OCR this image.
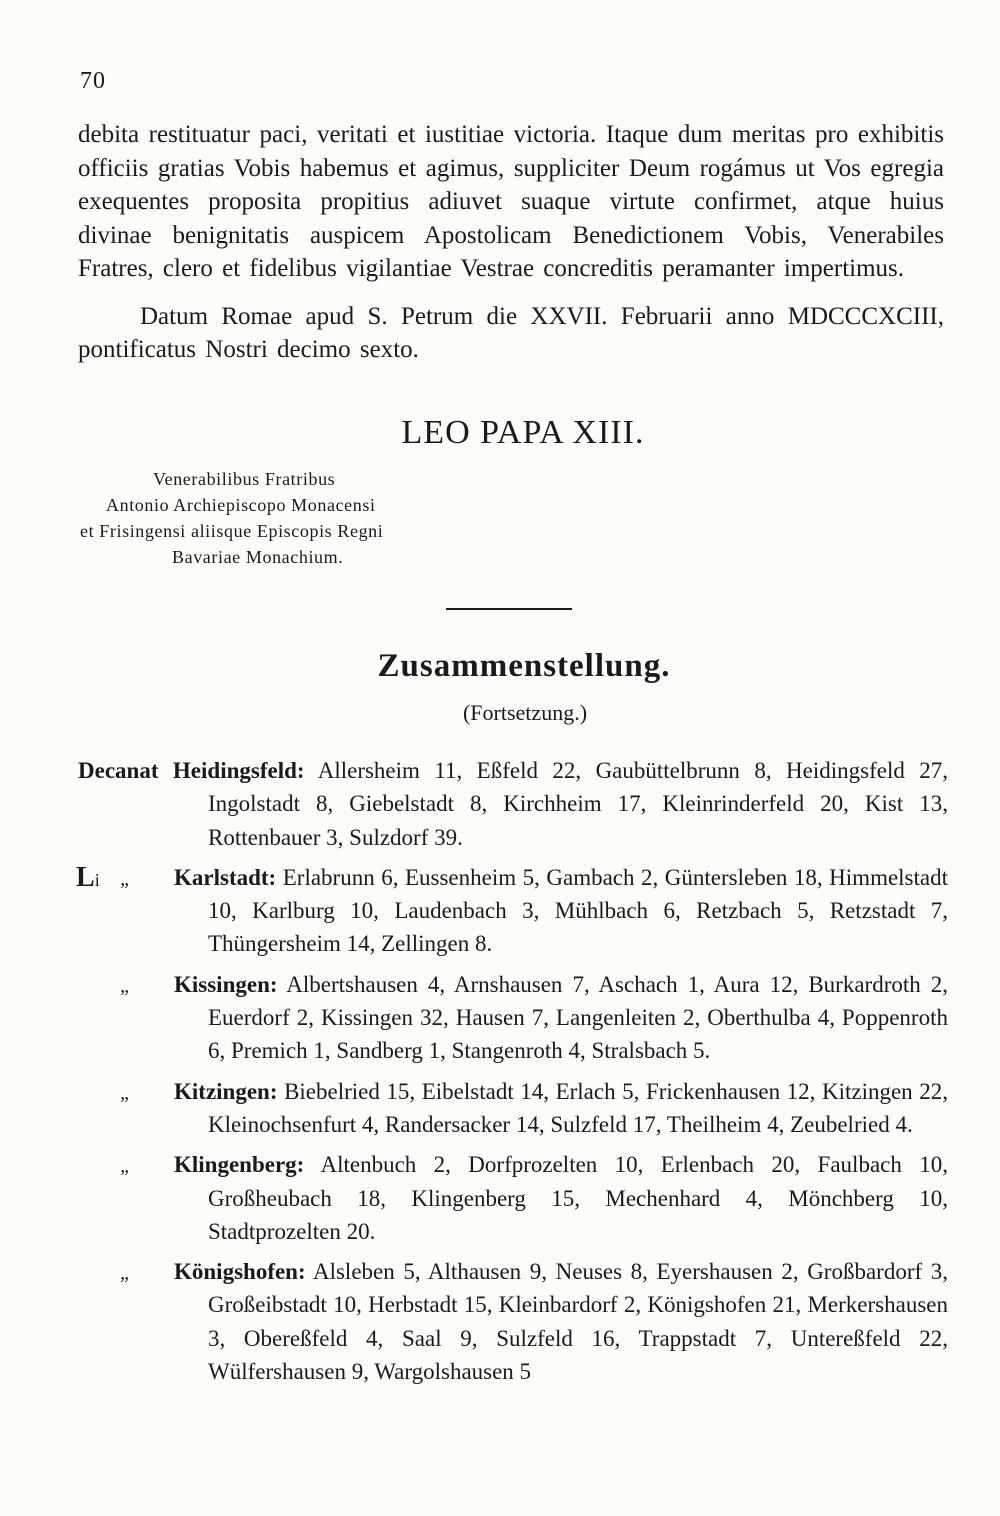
70

debita restituatur paci, veritati et iustitiae victoria. Itaque dum meritas pro exhibitis officiis gratias Vobis habemus et agimus, suppliciter Deum rogámus ut Vos egregia exequentes proposita propitius adiuvet suaque virtute confirmet, atque huius divinae benignitatis auspicem Apostolicam Benedictionem Vobis, Venerabiles Fratres, clero et fidelibus vigilantiae Vestrae concreditis peramanter impertimus.

Datum Romae apud S. Petrum die XXVII. Februarii anno MDCCCXCIII, pontificatus Nostri decimo sexto.

LEO PAPA XIII.
Venerabilibus Fratribus
Antonio Archiepiscopo Monacensi
et Frisingensi aliisque Episcopis Regni
Bavariae Monachium.
Zusammenstellung.
(Fortsetzung.)
Decanat Heidingsfeld: Allersheim 11, Eßfeld 22, Gaubüttelbrunn 8, Heidingsfeld 27, Ingolstadt 8, Giebelstadt 8, Kirchheim 17, Kleinrinderfeld 20, Kist 13, Rottenbauer 3, Sulzdorf 39.
Li „ Karlstadt: Erlabrunn 6, Eussenheim 5, Gambach 2, Güntersleben 18, Himmelstadt 10, Karlburg 10, Laudenbach 3, Mühlbach 6, Retzbach 5, Retzstadt 7, Thüngersheim 14, Zellingen 8.
„ Kissingen: Albertshausen 4, Arnshausen 7, Aschach 1, Aura 12, Burkardroth 2, Euerdorf 2, Kissingen 32, Hausen 7, Langenleiten 2, Oberthulba 4, Poppenroth 6, Premich 1, Sandberg 1, Stangenroth 4, Stralsbach 5.
„ Kitzingen: Biebelried 15, Eibelstadt 14, Erlach 5, Frickenhausen 12, Kitzingen 22, Kleinochsenfurt 4, Randersacker 14, Sulzfeld 17, Theilheim 4, Zeubelried 4.
„ Klingenberg: Altenbuch 2, Dorfprozelten 10, Erlenbach 20, Faulbach 10, Großheubach 18, Klingenberg 15, Mechenhard 4, Mönchberg 10, Stadtprozelten 20.
„ Königshofen: Alsleben 5, Althausen 9, Neuses 8, Eyershausen 2, Großbardorf 3, Großeibstadt 10, Herbstadt 15, Kleinbardorf 2, Königshofen 21, Merkershausen 3, Obereßfeld 4, Saal 9, Sulzfeld 16, Trappstadt 7, Untereßfeld 22, Wülfershausen 9, Wargolshausen 5
